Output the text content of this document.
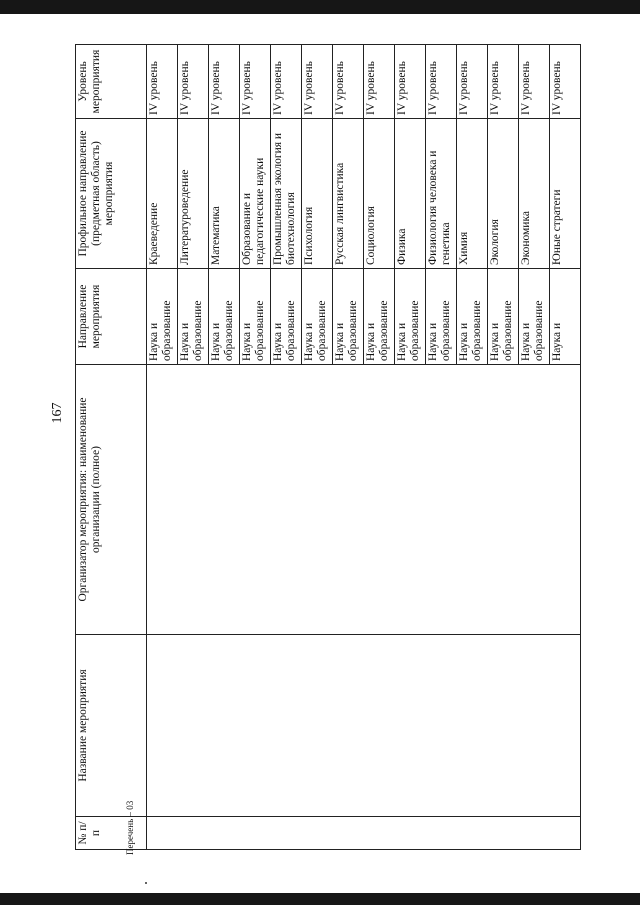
167
№ п/п	Название мероприятия	Организатор мероприятия: наименование организации (полное)	Направление мероприятия	Профильное направление (предметная область) мероприятия	Уровень мероприятия
			Наука и образование	Краеведение	IV уровень
			Наука и образование	Литературоведение	IV уровень
			Наука и образование	Математика	IV уровень
			Наука и образование	Образование и педагогические науки	IV уровень
			Наука и образование	Промышленная экология и биотехнология	IV уровень
			Наука и образование	Психология	IV уровень
			Наука и образование	Русская лингвистика	IV уровень
			Наука и образование	Социология	IV уровень
			Наука и образование	Физика	IV уровень
			Наука и образование	Физиология человека и генетика	IV уровень
			Наука и образование	Химия	IV уровень
			Наука и образование	Экология	IV уровень
			Наука и образование	Экономика	IV уровень
			Наука и	Юные стратеги	IV уровень
Перечень – 03
